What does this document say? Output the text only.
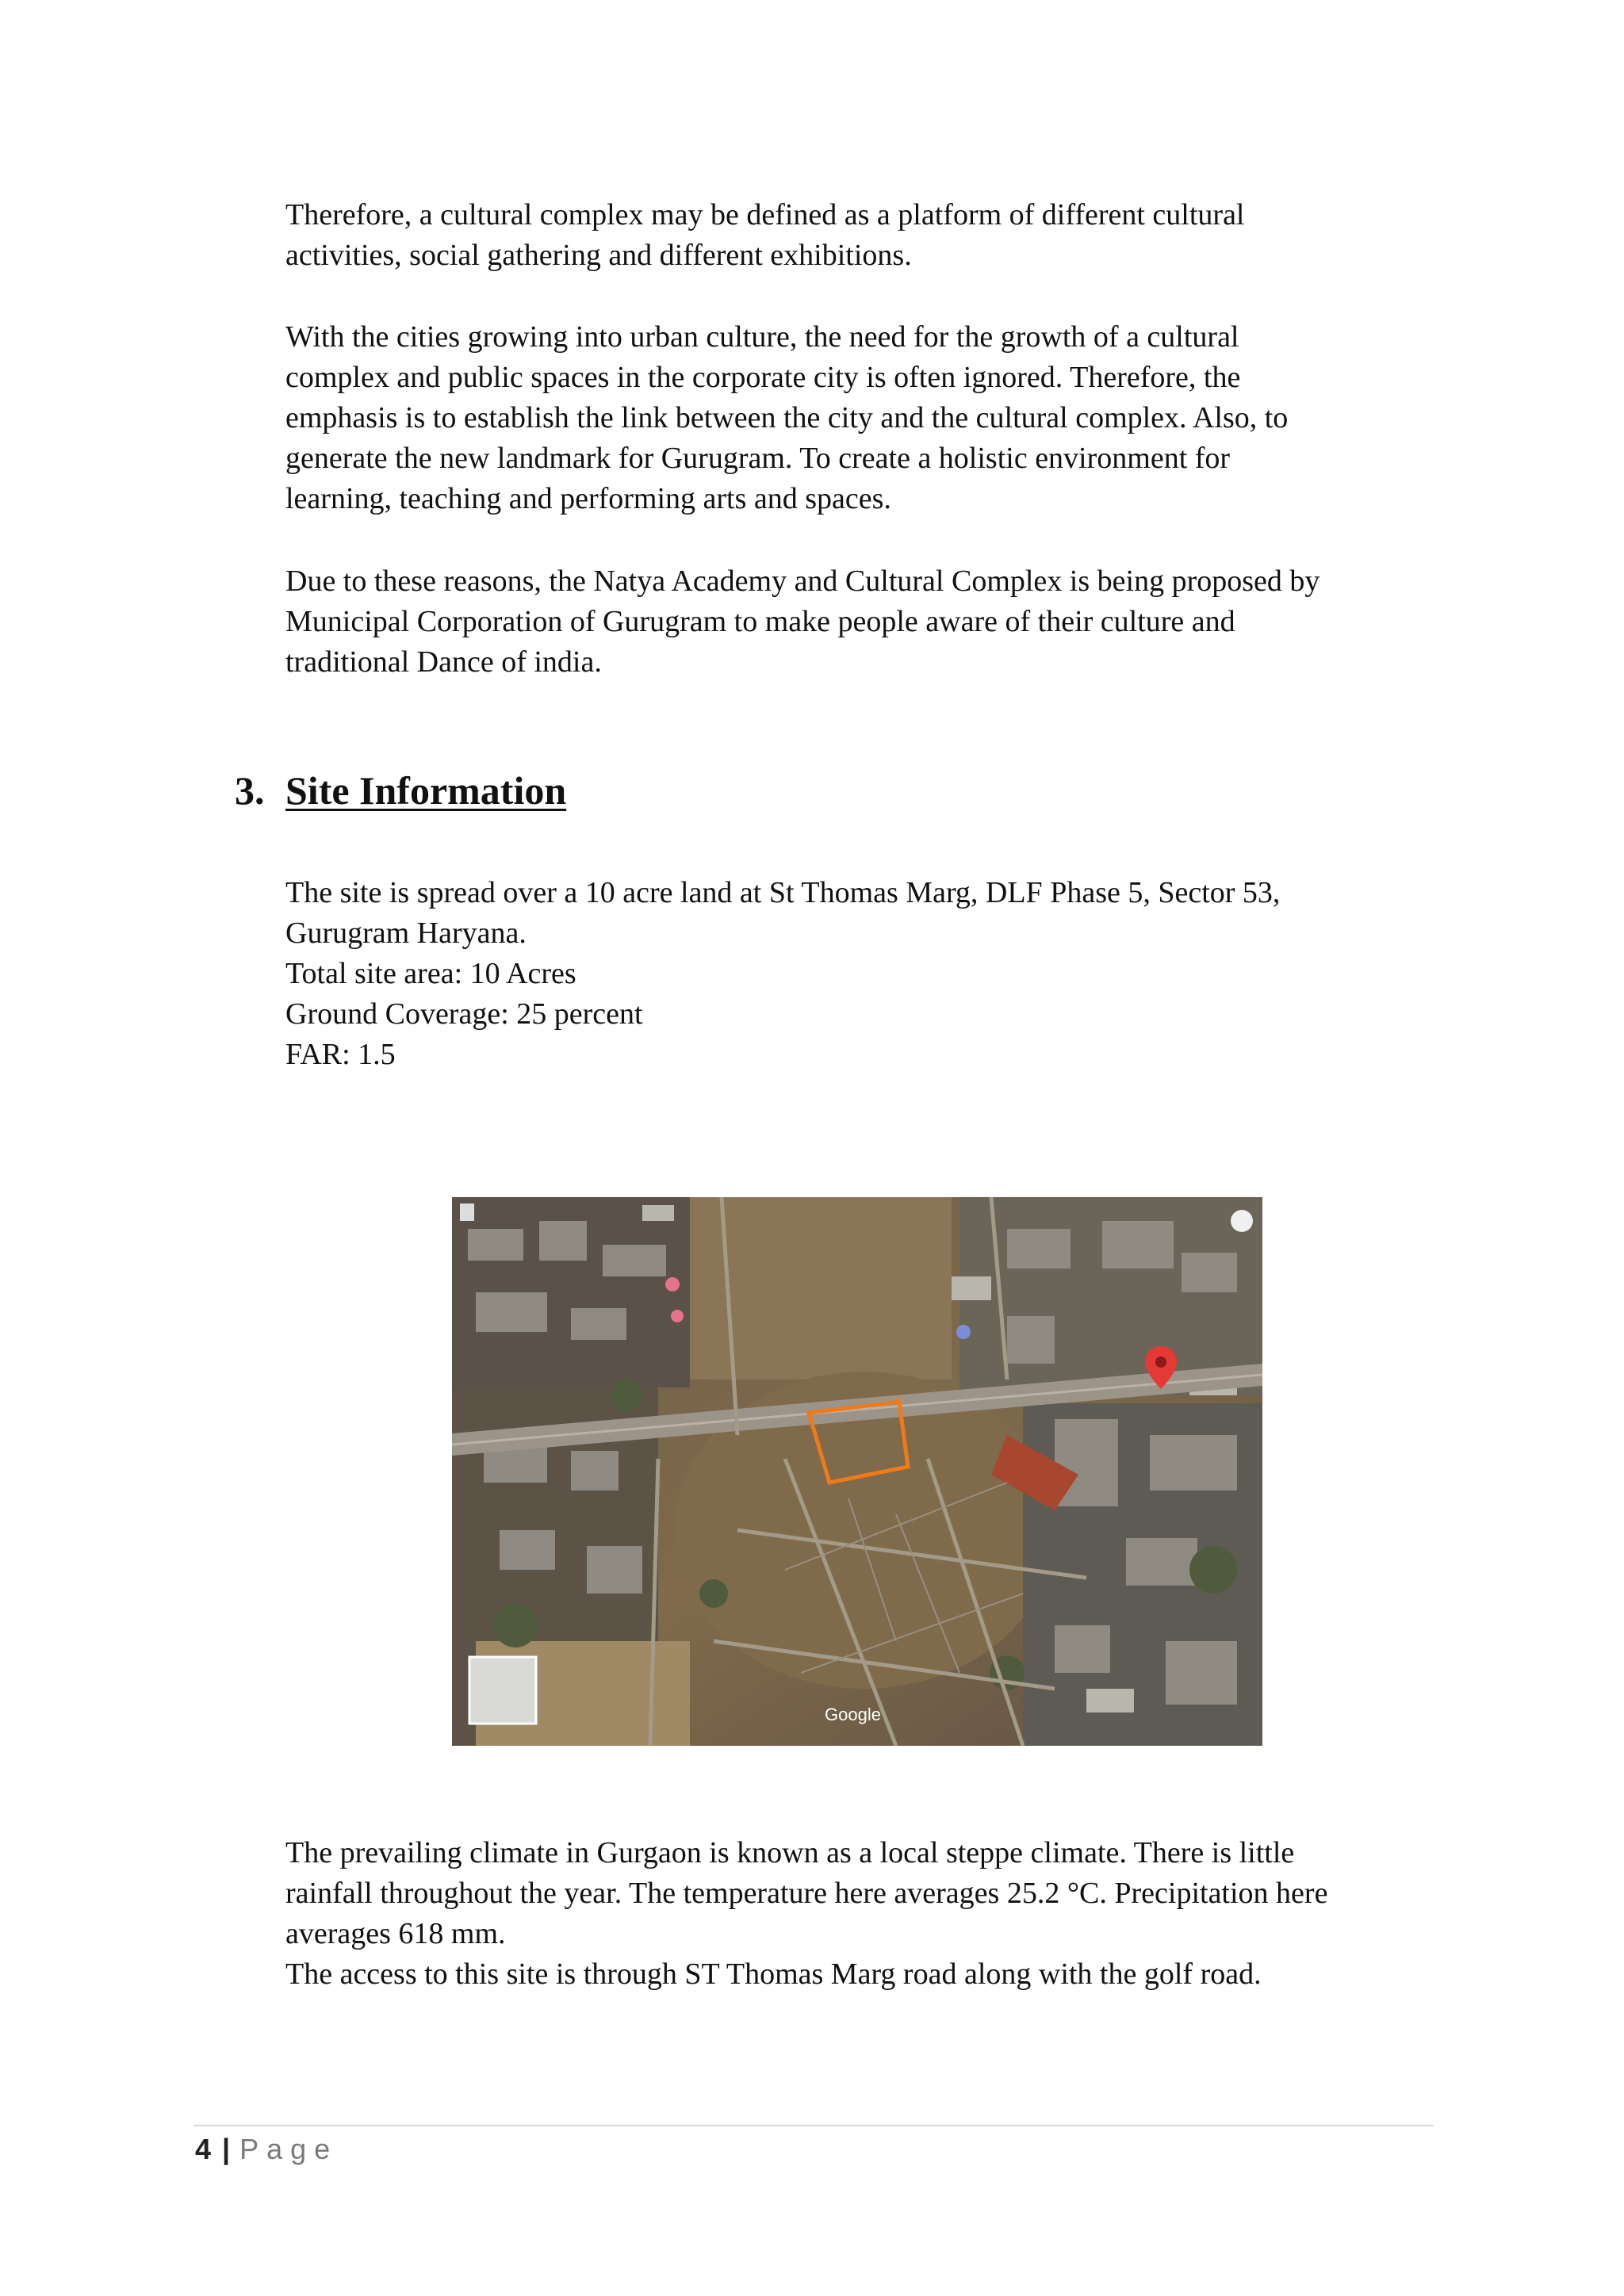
Therefore, a cultural complex may be defined as a platform of different cultural
activities, social gathering and different exhibitions.

With the cities growing into urban culture, the need for the growth of a cultural
complex and public spaces in the corporate city is often ignored. Therefore, the
emphasis is to establish the link between the city and the cultural complex. Also, to
generate the new landmark for Gurugram. To create a holistic environment for
learning, teaching and performing arts and spaces.

Due to these reasons, the Natya Academy and Cultural Complex is being proposed by
Municipal Corporation of Gurugram to make people aware of their culture and
traditional Dance of india.

3. Site Information

The site is spread over a 10 acre land at St Thomas Marg, DLF Phase 5, Sector 53,
Gurugram Haryana.
Total site area: 10 Acres
Ground Coverage: 25 percent
FAR: 1.5

Google

The prevailing climate in Gurgaon is known as a local steppe climate. There is little
rainfall throughout the year. The temperature here averages 25.2 °C. Precipitation here
averages 618 mm.
The access to this site is through ST Thomas Marg road along with the golf road.

4 | Page
